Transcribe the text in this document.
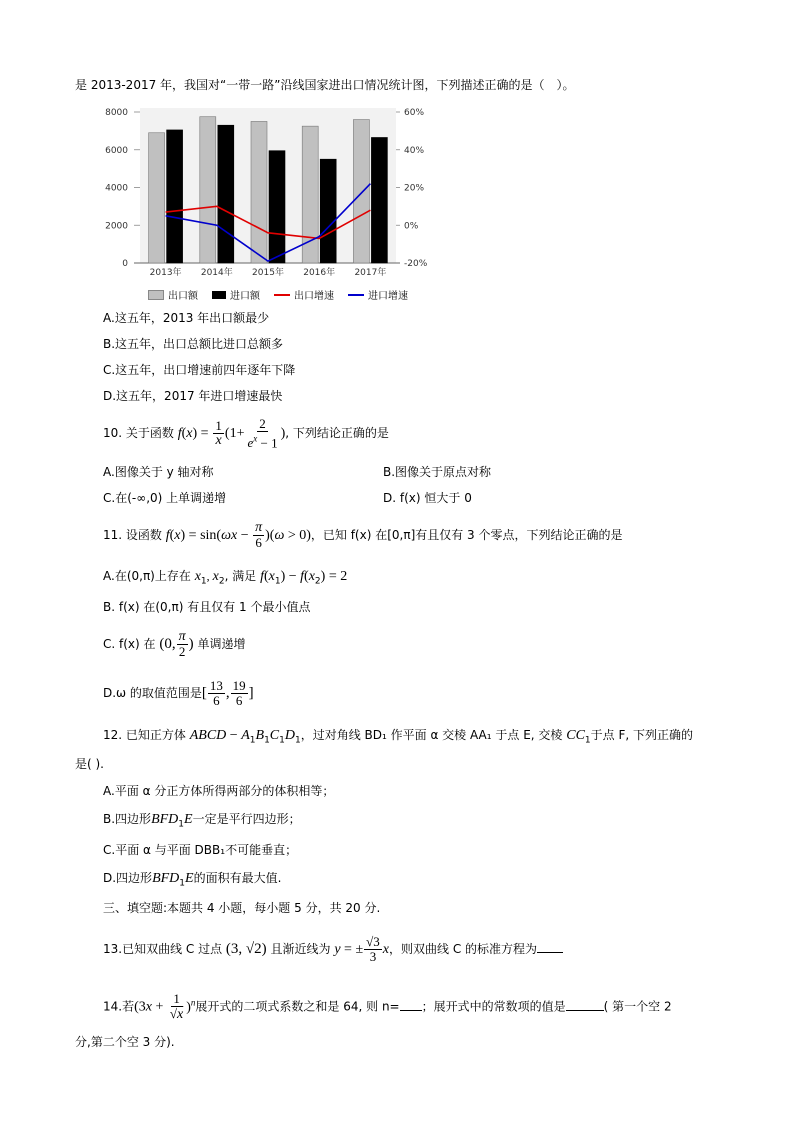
是 2013-2017 年，我国对“一带一路”沿线国家进出口情况统计图，下列描述正确的是（　）。
8000
6000
4000
2000
0
60%
40%
20%
0%
-20%
2013年 2014年 2015年 2016年 2017年
出口额	进口额	出口增速	进口增速
A.这五年，2013 年出口额最少
B.这五年，出口总额比进口总额多
C.这五年，出口增速前四年逐年下降
D.这五年，2017 年进口增速最快
10. 关于函数 $f(x) = \frac{1}{x} (1+ \frac{2}{e^x - 1}$ ), 下列结论正确的是
A.图像关于 y 轴对称	B.图像关于原点对称
C.在(-∞,0) 上单调递增	D. f(x) 恒大于 0
11. 设函数 $f(x) = \sin(\omega x - \frac{\pi}{6} )(\omega > 0)$，已知 f(x) 在[0,π]有且仅有 3 个零点，下列结论正确的是
A.在(0,π)上存在 $x_1$, $x_2$, 满足 $f(x_1) - f(x_2) = 2$
B. f(x) 在(0,π) 有且仅有 1 个最小值点
C. f(x) 在 (0, $\frac{\pi}{2}$ ) 单调递增
D.ω 的取值范围是[ $\frac{13}{6}$ , $\frac{19}{6}$ ]
12. 已知正方体 ABCD − $A_1B_1C_1D_1$，过对角线 BD₁ 作平面 α 交棱 AA₁ 于点 E, 交棱 $CC_1$于点 F, 下列正确的
是( ).
A.平面 α 分正方体所得两部分的体积相等；
B.四边形$BFD_1E$一定是平行四边形；
C.平面 α 与平面 DBB₁不可能垂直；
D.四边形$BFD_1E$的面积有最大值.
三、填空题:本题共 4 小题，每小题 5 分，共 20 分.
13.已知双曲线 C 过点 (3, √2) 且渐近线为 y = ± $\frac{√3}{3}$ x，则双曲线 C 的标准方程为
14.若$(3x + \frac{1}{√x} )^n$展开式的二项式系数之和是 64, 则 n= ；展开式中的常数项的值是	( 第一个空 2
分,第二个空 3 分).
